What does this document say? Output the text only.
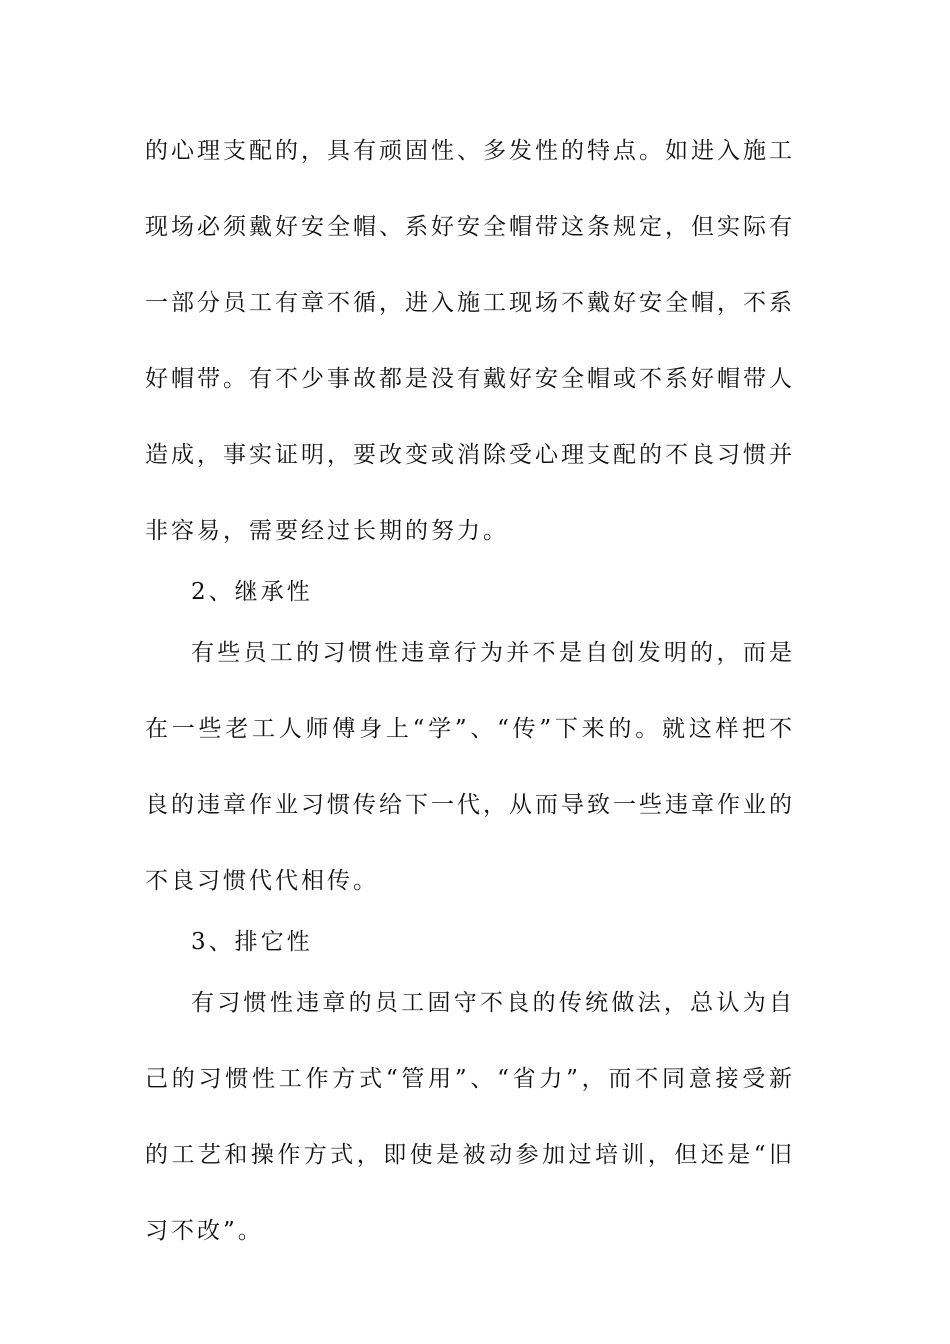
的心理支配的，具有顽固性、多发性的特点。如进入施工现场必须戴好安全帽、系好安全帽带这条规定，但实际有一部分员工有章不循，进入施工现场不戴好安全帽，不系好帽带。有不少事故都是没有戴好安全帽或不系好帽带人造成，事实证明，要改变或消除受心理支配的不良习惯并非容易，需要经过长期的努力。

2、继承性

有些员工的习惯性违章行为并不是自创发明的，而是在一些老工人师傅身上“学”、“传”下来的。就这样把不良的违章作业习惯传给下一代，从而导致一些违章作业的不良习惯代代相传。

3、排它性

有习惯性违章的员工固守不良的传统做法，总认为自己的习惯性工作方式“管用”、“省力”，而不同意接受新的工艺和操作方式，即使是被动参加过培训，但还是“旧习不改”。
